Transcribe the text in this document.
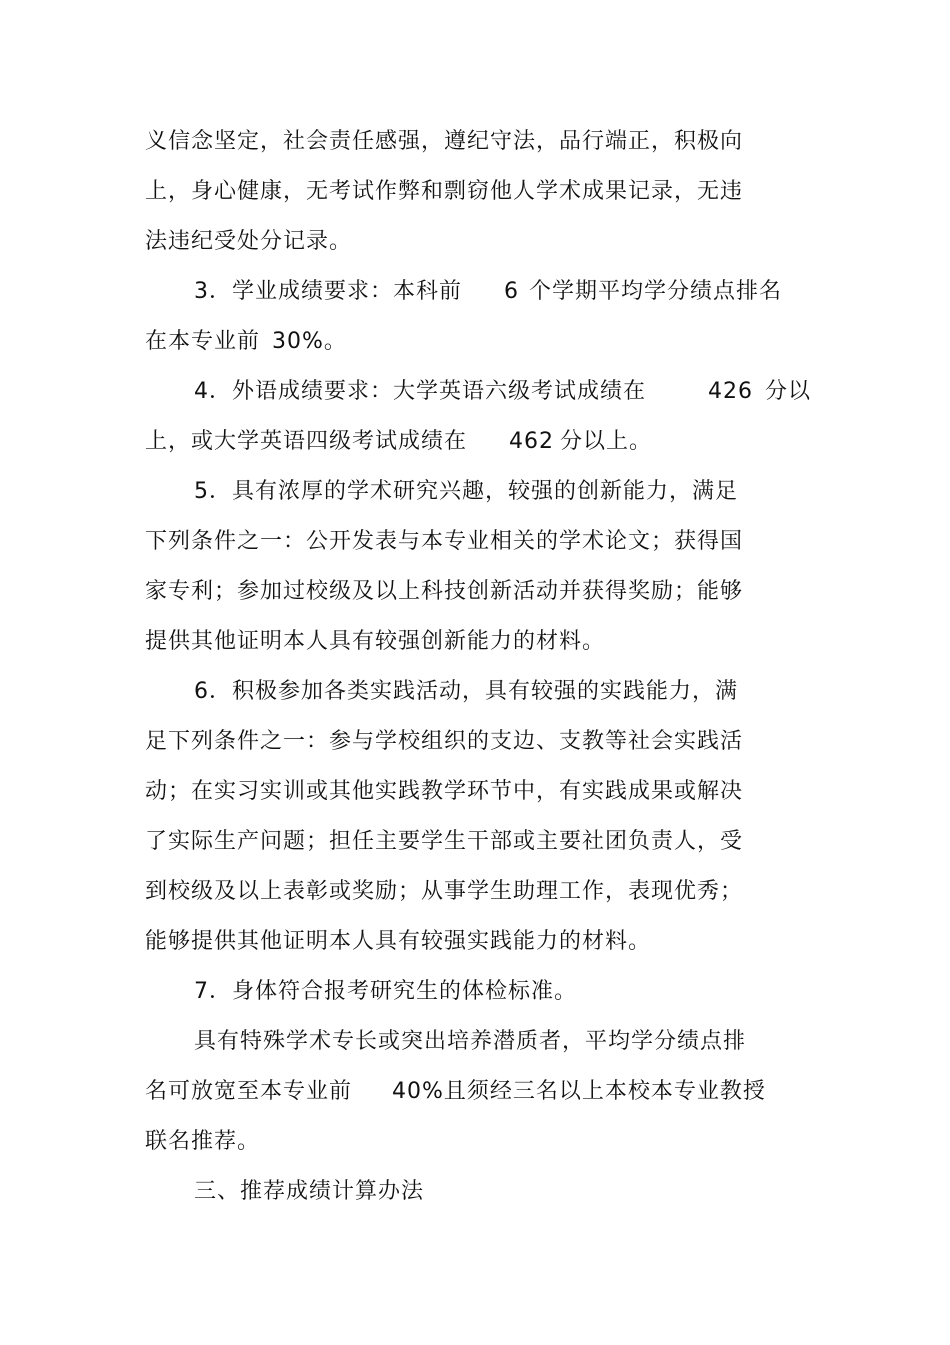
义信念坚定，社会责任感强，遵纪守法，品行端正，积极向
上，身心健康，无考试作弊和剽窃他人学术成果记录，无违
法违纪受处分记录。
3．学业成绩要求：本科前 6 个学期平均学分绩点排名
在本专业前 30%。
4．外语成绩要求：大学英语六级考试成绩在	426 分以
上，或大学英语四级考试成绩在 462 分以上。
5．具有浓厚的学术研究兴趣，较强的创新能力，满足
下列条件之一：公开发表与本专业相关的学术论文；获得国
家专利；参加过校级及以上科技创新活动并获得奖励；能够
提供其他证明本人具有较强创新能力的材料。
6．积极参加各类实践活动，具有较强的实践能力，满
足下列条件之一：参与学校组织的支边、支教等社会实践活
动；在实习实训或其他实践教学环节中，有实践成果或解决
了实际生产问题；担任主要学生干部或主要社团负责人，受
到校级及以上表彰或奖励；从事学生助理工作，表现优秀；
能够提供其他证明本人具有较强实践能力的材料。
7．身体符合报考研究生的体检标准。
具有特殊学术专长或突出培养潜质者，平均学分绩点排
名可放宽至本专业前 40%且须经三名以上本校本专业教授
联名推荐。
三、推荐成绩计算办法
